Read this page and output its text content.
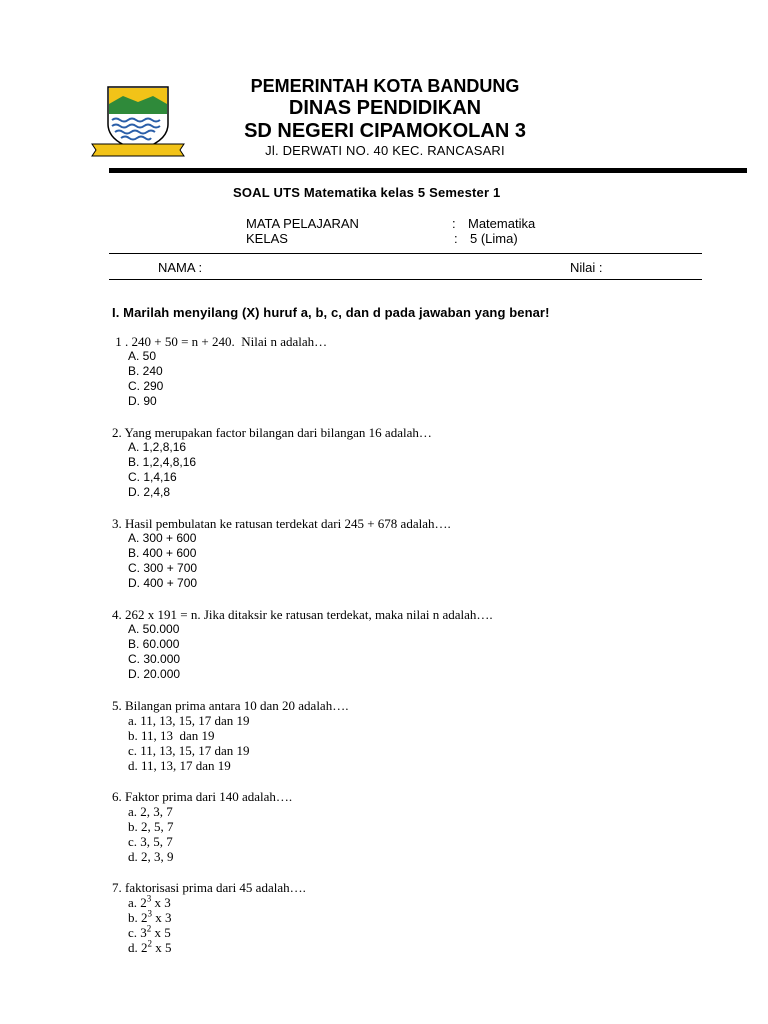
PEMERINTAH KOTA BANDUNG
DINAS PENDIDIKAN
SD NEGERI CIPAMOKOLAN 3
Jl. DERWATI NO. 40 KEC. RANCASARI
SOAL UTS Matematika kelas 5 Semester 1
MATA PELAJARAN	: Matematika
KELAS	: 5 (Lima)
NAMA :	Nilai :
I. Marilah menyilang (X) huruf a, b, c, dan d pada jawaban yang benar!
1 . 240 + 50 = n + 240.  Nilai n adalah…
A. 50
B. 240
C. 290
D. 90
2. Yang merupakan factor bilangan dari bilangan 16 adalah…
A. 1,2,8,16
B. 1,2,4,8,16
C. 1,4,16
D. 2,4,8
3. Hasil pembulatan ke ratusan terdekat dari 245 + 678 adalah….
A. 300 + 600
B. 400 + 600
C. 300 + 700
D. 400 + 700
4. 262 x 191 = n. Jika ditaksir ke ratusan terdekat, maka nilai n adalah….
A. 50.000
B. 60.000
C. 30.000
D. 20.000
5. Bilangan prima antara 10 dan 20 adalah….
a. 11, 13, 15, 17 dan 19
b. 11, 13  dan 19
c. 11, 13, 15, 17 dan 19
d. 11, 13, 17 dan 19
6. Faktor prima dari 140 adalah….
a. 2, 3, 7
b. 2, 5, 7
c. 3, 5, 7
d. 2, 3, 9
7. faktorisasi prima dari 45 adalah….
a. $2^3$ x 3
b. $2^3$ x 3
c. $3^2$ x 5
d. $2^2$ x 5
